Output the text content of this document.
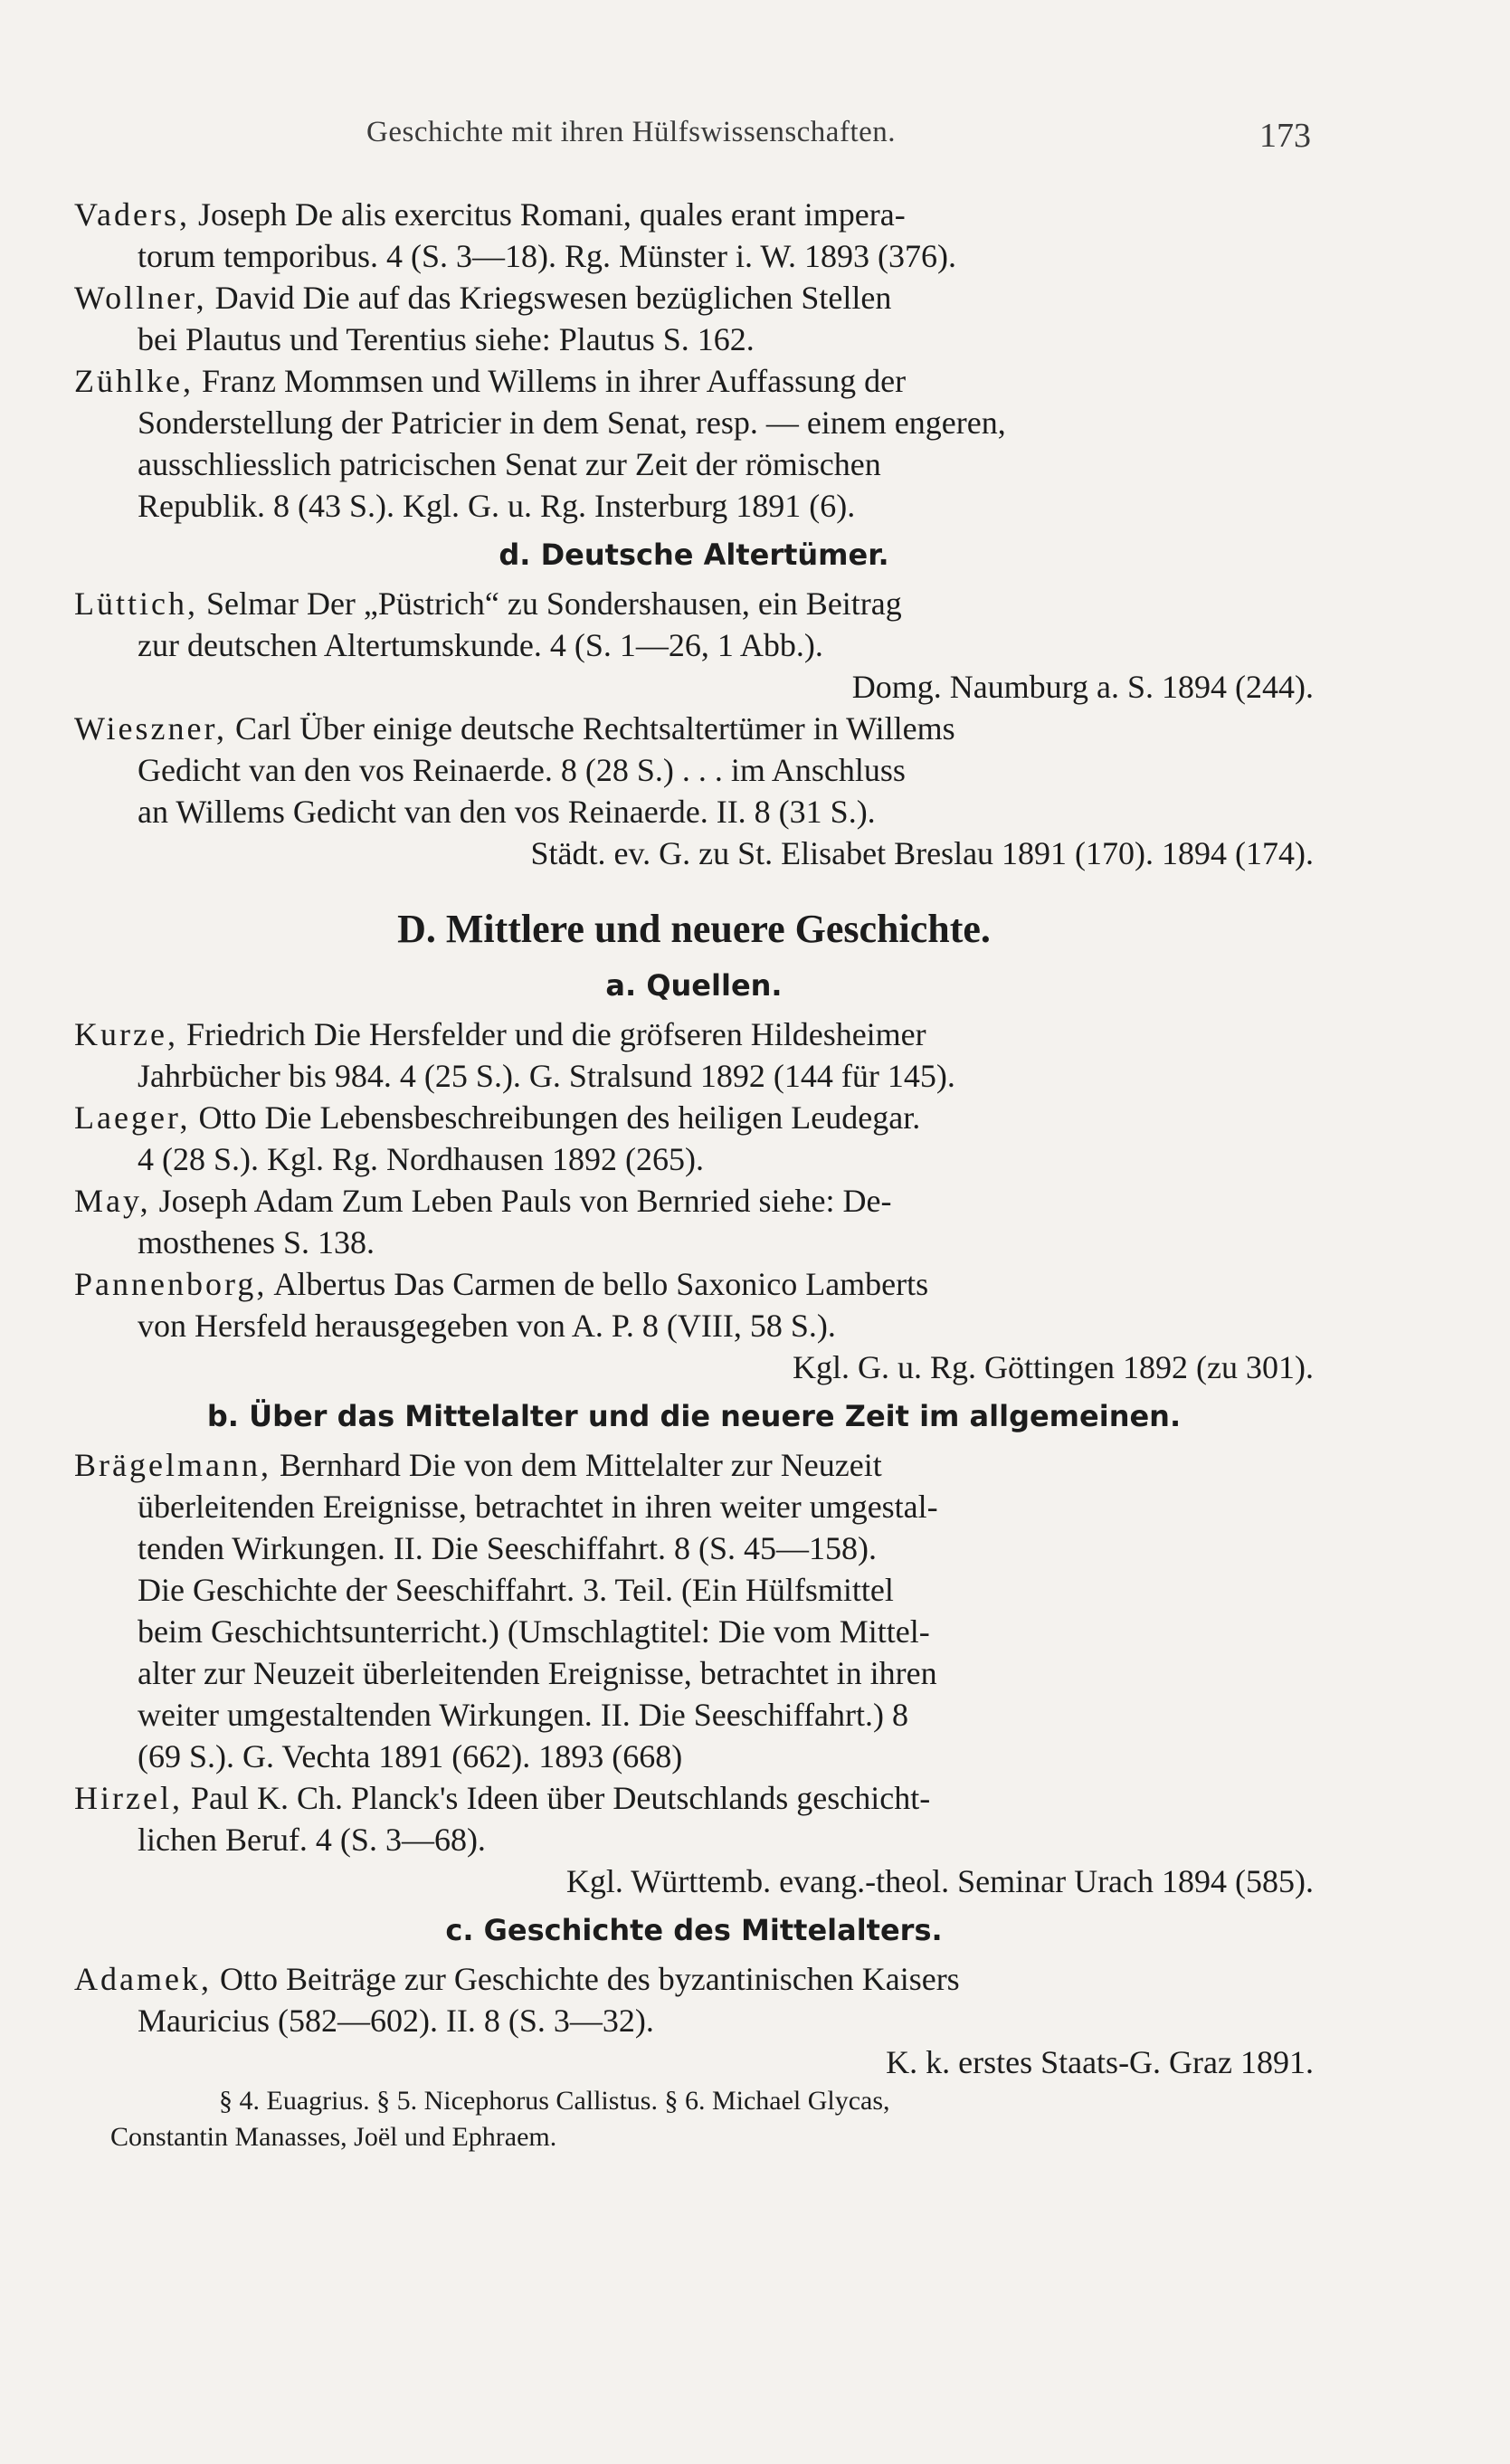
Geschichte mit ihren Hülfswissenschaften.	173
Vaders, Joseph De alis exercitus Romani, quales erant impera-
torum temporibus. 4 (S. 3—18). Rg. Münster i. W. 1893 (376).
Wollner, David Die auf das Kriegswesen bezüglichen Stellen
bei Plautus und Terentius siehe: Plautus S. 162.
Zühlke, Franz Mommsen und Willems in ihrer Auffassung der
Sonderstellung der Patricier in dem Senat, resp. — einem engeren,
ausschliesslich patricischen Senat zur Zeit der römischen
Republik. 8 (43 S.). Kgl. G. u. Rg. Insterburg 1891 (6).
d. Deutsche Altertümer.
Lüttich, Selmar Der „Püstrich“ zu Sondershausen, ein Beitrag
zur deutschen Altertumskunde. 4 (S. 1—26, 1 Abb.).
Domg. Naumburg a. S. 1894 (244).
Wieszner, Carl Über einige deutsche Rechtsaltertümer in Willems
Gedicht van den vos Reinaerde. 8 (28 S.) . . . im Anschluss
an Willems Gedicht van den vos Reinaerde. II. 8 (31 S.).
Städt. ev. G. zu St. Elisabet Breslau 1891 (170). 1894 (174).
D. Mittlere und neuere Geschichte.
a. Quellen.
Kurze, Friedrich Die Hersfelder und die gröfseren Hildesheimer
Jahrbücher bis 984. 4 (25 S.). G. Stralsund 1892 (144 für 145).
Laeger, Otto Die Lebensbeschreibungen des heiligen Leudegar.
4 (28 S.). Kgl. Rg. Nordhausen 1892 (265).
May, Joseph Adam Zum Leben Pauls von Bernried siehe: De-
mosthenes S. 138.
Pannenborg, Albertus Das Carmen de bello Saxonico Lamberts
von Hersfeld herausgegeben von A. P. 8 (VIII, 58 S.).
Kgl. G. u. Rg. Göttingen 1892 (zu 301).
b. Über das Mittelalter und die neuere Zeit im allgemeinen.
Brägelmann, Bernhard Die von dem Mittelalter zur Neuzeit
überleitenden Ereignisse, betrachtet in ihren weiter umgestal-
tenden Wirkungen. II. Die Seeschiffahrt. 8 (S. 45—158).
Die Geschichte der Seeschiffahrt. 3. Teil. (Ein Hülfsmittel
beim Geschichtsunterricht.) (Umschlagtitel: Die vom Mittel-
alter zur Neuzeit überleitenden Ereignisse, betrachtet in ihren
weiter umgestaltenden Wirkungen. II. Die Seeschiffahrt.) 8
(69 S.). G. Vechta 1891 (662). 1893 (668)
Hirzel, Paul K. Ch. Planck's Ideen über Deutschlands geschicht-
lichen Beruf. 4 (S. 3—68).
Kgl. Württemb. evang.-theol. Seminar Urach 1894 (585).
c. Geschichte des Mittelalters.
Adamek, Otto Beiträge zur Geschichte des byzantinischen Kaisers
Mauricius (582—602). II. 8 (S. 3—32).
K. k. erstes Staats-G. Graz 1891.
§ 4. Euagrius. § 5. Nicephorus Callistus. § 6. Michael Glycas,
Constantin Manasses, Joël und Ephraem.
